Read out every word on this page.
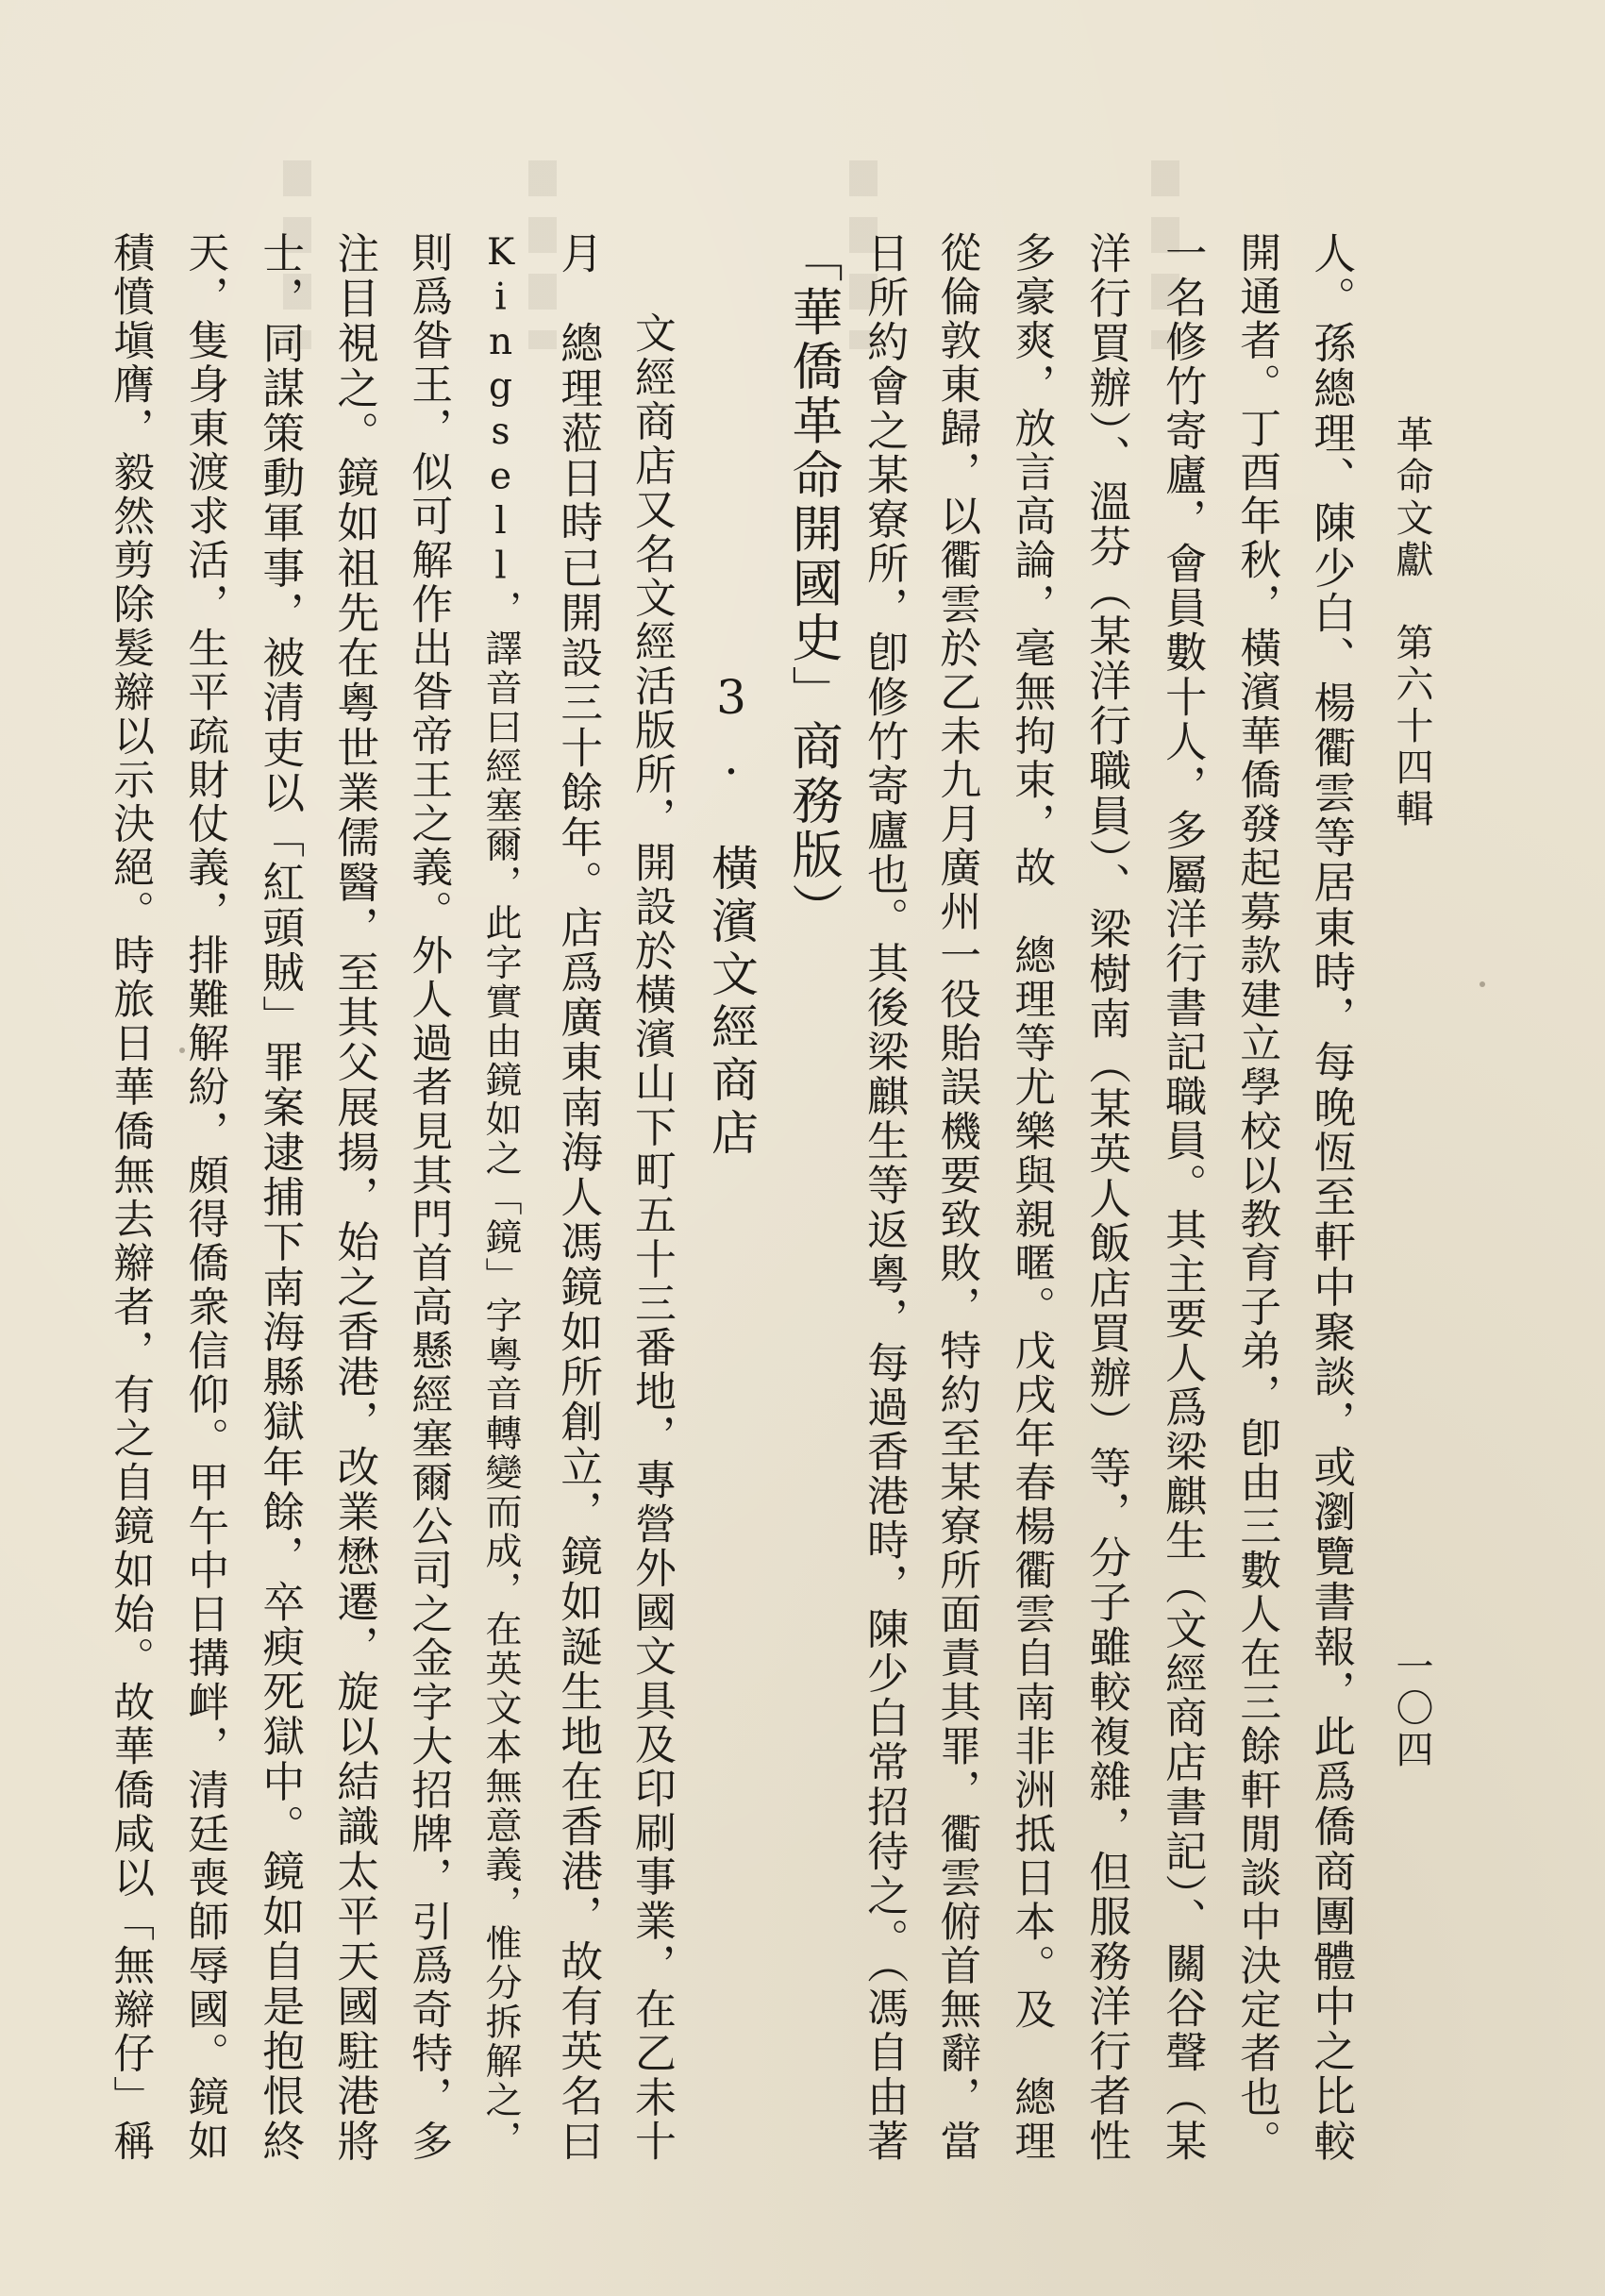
革命文獻　第六十四輯
一〇四
人。孫總理、陳少白、楊衢雲等居東時，每晚恆至軒中聚談，或瀏覽書報，此爲僑商團體中之比較
開通者。丁酉年秋，橫濱華僑發起募款建立學校以教育子弟，卽由三數人在三餘軒閒談中決定者也。
一名修竹寄廬，會員數十人，多屬洋行書記職員。其主要人爲梁麒生（文經商店書記）、關谷聲（某
洋行買辦）、溫芬（某洋行職員）、梁樹南（某英人飯店買辦）等，分子雖較複雜，但服務洋行者性
多豪爽，放言高論，毫無拘束，故　總理等尤樂與親暱。戊戌年春楊衢雲自南非洲抵日本。及　總理
從倫敦東歸，以衢雲於乙未九月廣州一役貽誤機要致敗，特約至某寮所面責其罪，衢雲俯首無辭，當
日所約會之某寮所，卽修竹寄廬也。其後梁麒生等返粵，每過香港時，陳少白常招待之。（馮自由著
「華僑革命開國史」商務版）
3.　橫濱文經商店
文經商店又名文經活版所，開設於橫濱山下町五十三番地，專營外國文具及印刷事業，在乙未十
月　總理蒞日時已開設三十餘年。店爲廣東南海人馮鏡如所創立，鏡如誕生地在香港，故有英名曰
Kingsell，譯音曰經塞爾，此字實由鏡如之「鏡」字粵音轉變而成，在英文本無意義，惟分拆解之，
則爲昝王，似可解作出昝帝王之義。外人過者見其門首高懸經塞爾公司之金字大招牌，引爲奇特，多
注目視之。鏡如祖先在粵世業儒醫，至其父展揚，始之香港，改業懋遷，旋以結識太平天國駐港將
士，同謀策動軍事，被清吏以「紅頭賊」罪案逮捕下南海縣獄年餘，卒瘐死獄中。鏡如自是抱恨終
天，隻身東渡求活，生平疏財仗義，排難解紛，頗得僑衆信仰。甲午中日搆衅，清廷喪師辱國。鏡如
積憤塡膺，毅然剪除髮辮以示決絕。時旅日華僑無去辮者，有之自鏡如始。故華僑咸以「無辮仔」稱
